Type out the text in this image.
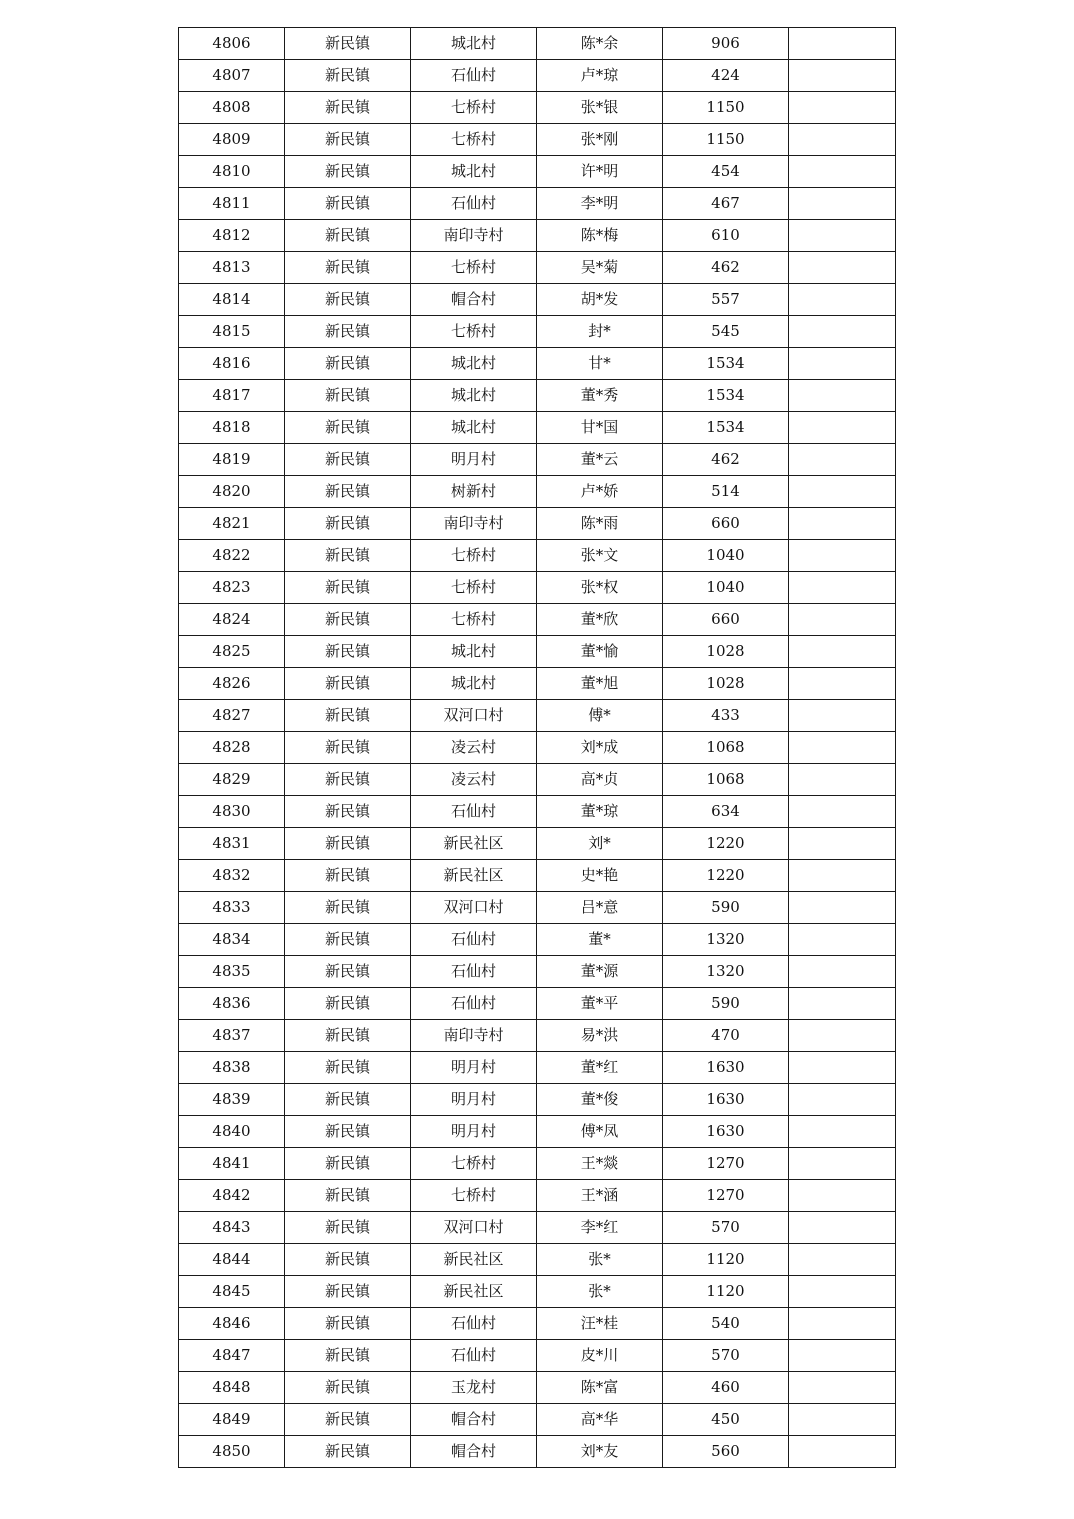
4806	新民镇	城北村	陈*余	906	
4807	新民镇	石仙村	卢*琼	424	
4808	新民镇	七桥村	张*银	1150	
4809	新民镇	七桥村	张*刚	1150	
4810	新民镇	城北村	许*明	454	
4811	新民镇	石仙村	李*明	467	
4812	新民镇	南印寺村	陈*梅	610	
4813	新民镇	七桥村	吴*菊	462	
4814	新民镇	帽合村	胡*发	557	
4815	新民镇	七桥村	封*	545	
4816	新民镇	城北村	甘*	1534	
4817	新民镇	城北村	董*秀	1534	
4818	新民镇	城北村	甘*国	1534	
4819	新民镇	明月村	董*云	462	
4820	新民镇	树新村	卢*娇	514	
4821	新民镇	南印寺村	陈*雨	660	
4822	新民镇	七桥村	张*文	1040	
4823	新民镇	七桥村	张*权	1040	
4824	新民镇	七桥村	董*欣	660	
4825	新民镇	城北村	董*愉	1028	
4826	新民镇	城北村	董*旭	1028	
4827	新民镇	双河口村	傅*	433	
4828	新民镇	凌云村	刘*成	1068	
4829	新民镇	凌云村	高*贞	1068	
4830	新民镇	石仙村	董*琼	634	
4831	新民镇	新民社区	刘*	1220	
4832	新民镇	新民社区	史*艳	1220	
4833	新民镇	双河口村	吕*意	590	
4834	新民镇	石仙村	董*	1320	
4835	新民镇	石仙村	董*源	1320	
4836	新民镇	石仙村	董*平	590	
4837	新民镇	南印寺村	易*洪	470	
4838	新民镇	明月村	董*红	1630	
4839	新民镇	明月村	董*俊	1630	
4840	新民镇	明月村	傅*凤	1630	
4841	新民镇	七桥村	王*燚	1270	
4842	新民镇	七桥村	王*涵	1270	
4843	新民镇	双河口村	李*红	570	
4844	新民镇	新民社区	张*	1120	
4845	新民镇	新民社区	张*	1120	
4846	新民镇	石仙村	汪*桂	540	
4847	新民镇	石仙村	皮*川	570	
4848	新民镇	玉龙村	陈*富	460	
4849	新民镇	帽合村	高*华	450	
4850	新民镇	帽合村	刘*友	560	
